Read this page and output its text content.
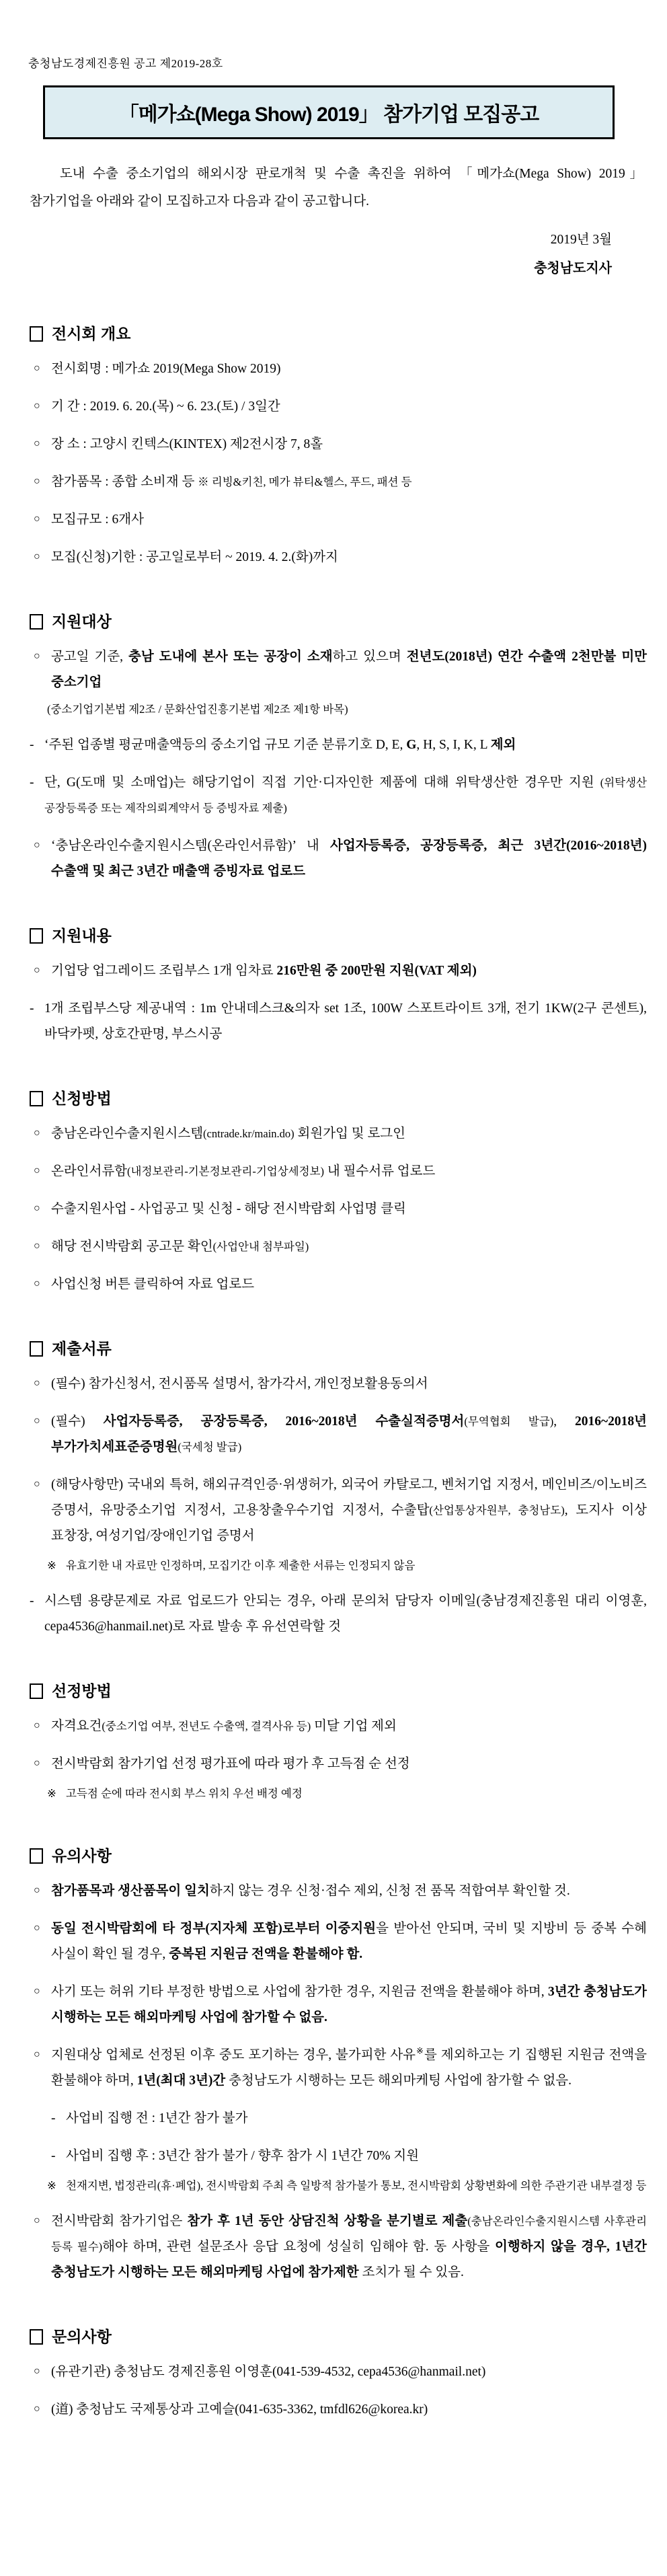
충청남도경제진흥원 공고 제2019-28호
「메가쇼(Mega Show) 2019」 참가기업 모집공고

도내 수출 중소기업의 해외시장 판로개척 및 수출 촉진을 위하여 「메가쇼(Mega Show) 2019」 참가기업을 아래와 같이 모집하고자 다음과 같이 공고합니다.

2019년 3월
충청남도지사
전시회 개요
○ 전시회명 : 메가쇼 2019(Mega Show 2019)
○ 기 간 : 2019. 6. 20.(목) ~ 6. 23.(토) / 3일간
○ 장 소 : 고양시 킨텍스(KINTEX) 제2전시장 7, 8홀
○ 참가품목 : 종합 소비재 등 ※ 리빙&키친, 메가 뷰티&헬스, 푸드, 패션 등
○ 모집규모 : 6개사
○ 모집(신청)기한 : 공고일로부터 ~ 2019. 4. 2.(화)까지
지원대상
○ 공고일 기준, 충남 도내에 본사 또는 공장이 소재하고 있으며 전년도(2018년) 연간 수출액 2천만불 미만 중소기업
(중소기업기본법 제2조 / 문화산업진흥기본법 제2조 제1항 바목)
- ‘주된 업종별 평균매출액등의 중소기업 규모 기준 분류기호 D, E, G, H, S, I, K, L 제외
- 단, G(도매 및 소매업)는 해당기업이 직접 기안·디자인한 제품에 대해 위탁생산한 경우만 지원 (위탁생산 공장등록증 또는 제작의뢰계약서 등 증빙자료 제출)
○ ‘충남온라인수출지원시스템(온라인서류함)’ 내 사업자등록증, 공장등록증, 최근 3년간(2016~2018년) 수출액 및 최근 3년간 매출액 증빙자료 업로드
지원내용
○ 기업당 업그레이드 조립부스 1개 임차료 216만원 중 200만원 지원(VAT 제외)
- 1개 조립부스당 제공내역 : 1m 안내데스크&의자 set 1조, 100W 스포트라이트 3개, 전기 1KW(2구 콘센트), 바닥카펫, 상호간판명, 부스시공
신청방법
○ 충남온라인수출지원시스템(cntrade.kr/main.do) 회원가입 및 로그인
○ 온라인서류함(내정보관리-기본정보관리-기업상세정보) 내 필수서류 업로드
○ 수출지원사업 - 사업공고 및 신청 - 해당 전시박람회 사업명 클릭
○ 해당 전시박람회 공고문 확인(사업안내 첨부파일)
○ 사업신청 버튼 클릭하여 자료 업로드
제출서류
○ (필수) 참가신청서, 전시품목 설명서, 참가각서, 개인정보활용동의서
○ (필수) 사업자등록증, 공장등록증, 2016~2018년 수출실적증명서(무역협회 발급), 2016~2018년 부가가치세표준증명원(국세청 발급)
○ (해당사항만) 국내외 특허, 해외규격인증·위생허가, 외국어 카탈로그, 벤처기업 지정서, 메인비즈/이노비즈 증명서, 유망중소기업 지정서, 고용창출우수기업 지정서, 수출탑(산업통상자원부, 충청남도), 도지사 이상 표창장, 여성기업/장애인기업 증명서
※ 유효기한 내 자료만 인정하며, 모집기간 이후 제출한 서류는 인정되지 않음
- 시스템 용량문제로 자료 업로드가 안되는 경우, 아래 문의처 담당자 이메일(충남경제진흥원 대리 이영훈, cepa4536@hanmail.net)로 자료 발송 후 유선연락할 것
선정방법
○ 자격요건(중소기업 여부, 전년도 수출액, 결격사유 등) 미달 기업 제외
○ 전시박람회 참가기업 선정 평가표에 따라 평가 후 고득점 순 선정
※ 고득점 순에 따라 전시회 부스 위치 우선 배정 예정
유의사항
○ 참가품목과 생산품목이 일치하지 않는 경우 신청·접수 제외, 신청 전 품목 적합여부 확인할 것.
○ 동일 전시박람회에 타 정부(지자체 포함)로부터 이중지원을 받아선 안되며, 국비 및 지방비 등 중복 수혜 사실이 확인 될 경우, 중복된 지원금 전액을 환불해야 함.
○ 사기 또는 허위 기타 부정한 방법으로 사업에 참가한 경우, 지원금 전액을 환불해야 하며, 3년간 충청남도가 시행하는 모든 해외마케팅 사업에 참가할 수 없음.
○ 지원대상 업체로 선정된 이후 중도 포기하는 경우, 불가피한 사유※를 제외하고는 기 집행된 지원금 전액을 환불해야 하며, 1년(최대 3년)간 충청남도가 시행하는 모든 해외마케팅 사업에 참가할 수 없음.
- 사업비 집행 전 : 1년간 참가 불가
- 사업비 집행 후 : 3년간 참가 불가 / 향후 참가 시 1년간 70% 지원
※ 천재지변, 법정관리(휴·폐업), 전시박람회 주최 측 일방적 참가불가 통보, 전시박람회 상황변화에 의한 주관기관 내부결정 등
○ 전시박람회 참가기업은 참가 후 1년 동안 상담진척 상황을 분기별로 제출(충남온라인수출지원시스템 사후관리 등록 필수)해야 하며, 관련 설문조사 응답 요청에 성실히 임해야 함. 동 사항을 이행하지 않을 경우, 1년간 충청남도가 시행하는 모든 해외마케팅 사업에 참가제한 조치가 될 수 있음.
문의사항
○ (유관기관) 충청남도 경제진흥원 이영훈(041-539-4532, cepa4536@hanmail.net)
○ (道) 충청남도 국제통상과 고예슬(041-635-3362, tmfdl626@korea.kr)
